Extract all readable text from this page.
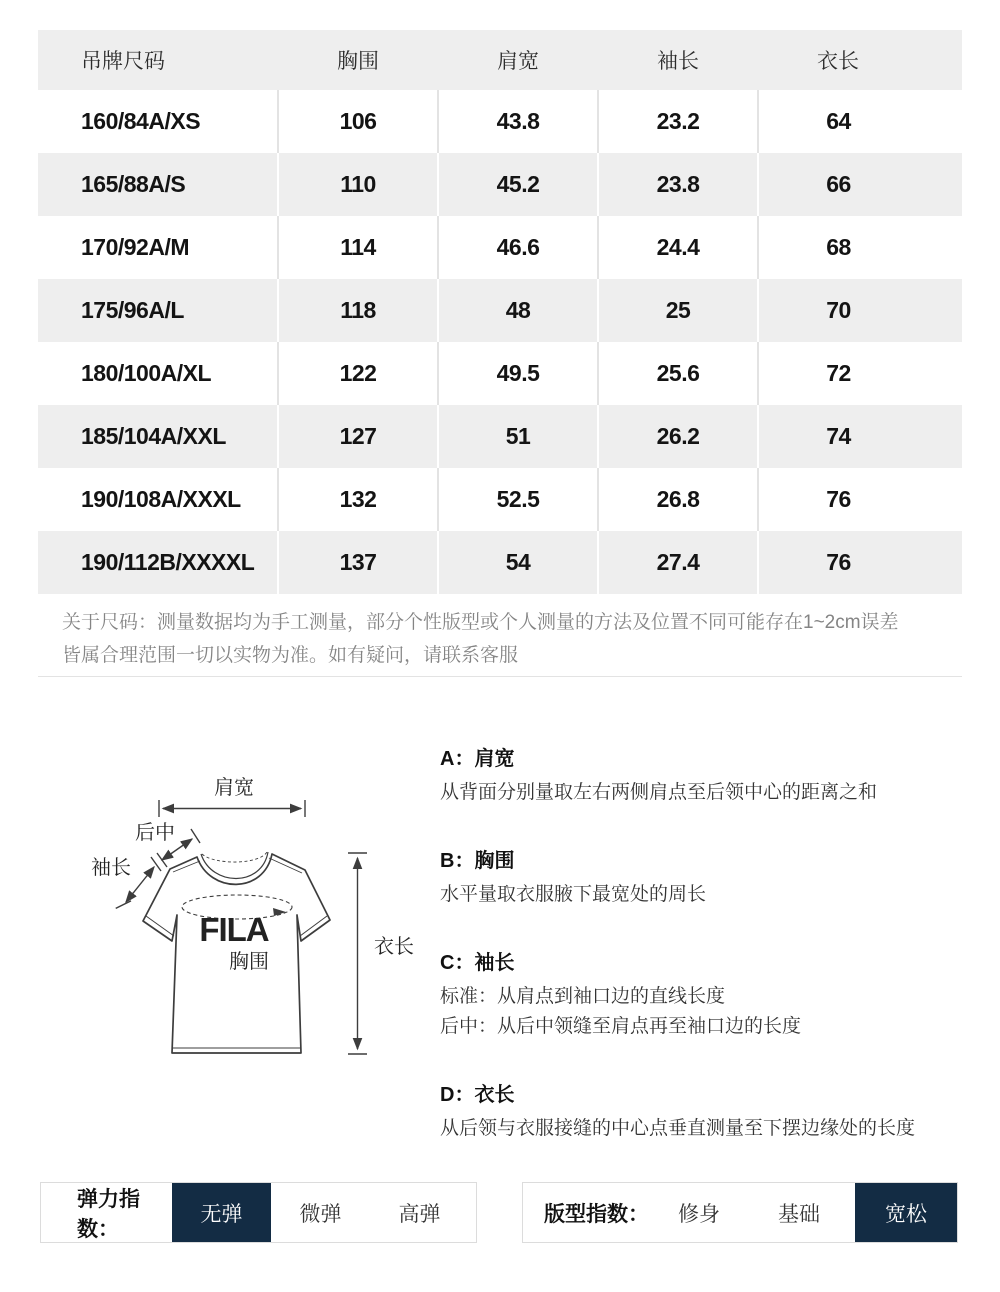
吊牌尺码	胸围	肩宽	袖长	衣长
160/84A/XS	106	43.8	23.2	64
165/88A/S	110	45.2	23.8	66
170/92A/M	114	46.6	24.4	68
175/96A/L	118	48	25	70
180/100A/XL	122	49.5	25.6	72
185/104A/XXL	127	51	26.2	74
190/108A/XXXL	132	52.5	26.8	76
190/112B/XXXXL	137	54	27.4	76
关于尺码：测量数据均为手工测量，部分个性版型或个人测量的方法及位置不同可能存在1~2cm误差
皆属合理范围一切以实物为准。如有疑问，请联系客服
FILA
胸围
肩宽
后中
袖长
衣长
A：肩宽
从背面分别量取左右两侧肩点至后领中心的距离之和
B：胸围
水平量取衣服腋下最宽处的周长
C：袖长
标准：从肩点到袖口边的直线长度
后中：从后中领缝至肩点再至袖口边的长度
D：衣长
从后领与衣服接缝的中心点垂直测量至下摆边缘处的长度
弹力指数：
无弹	微弹	高弹	版型指数：	修身	基础	宽松
